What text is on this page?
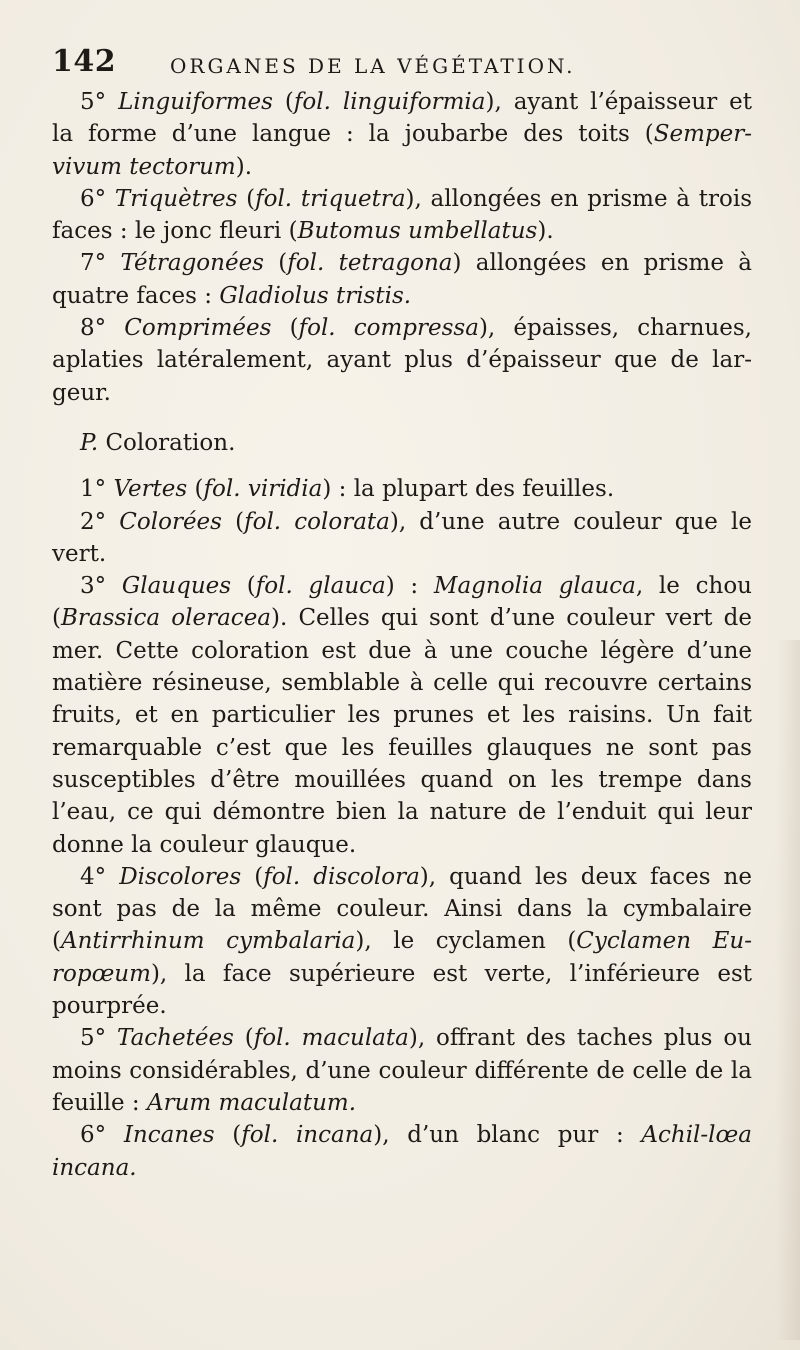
142	ORGANES DE LA VÉGÉTATION.

5° Linguiformes (fol. linguiformia), ayant l’épaisseur et la forme d’une langue : la joubarbe des toits (Semper-vivum tectorum).

6° Triquètres (fol. triquetra), allongées en prisme à trois faces : le jonc fleuri (Butomus umbellatus).

7° Tétragonées (fol. tetragona) allongées en prisme à quatre faces : Gladiolus tristis.

8° Comprimées (fol. compressa), épaisses, charnues, aplaties latéralement, ayant plus d’épaisseur que de lar-geur.

P. Coloration.

1° Vertes (fol. viridia) : la plupart des feuilles.

2° Colorées (fol. colorata), d’une autre couleur que le vert.

3° Glauques (fol. glauca) : Magnolia glauca, le chou (Brassica oleracea). Celles qui sont d’une couleur vert de mer. Cette coloration est due à une couche légère d’une matière résineuse, semblable à celle qui recouvre certains fruits, et en particulier les prunes et les raisins. Un fait remarquable c’est que les feuilles glauques ne sont pas susceptibles d’être mouillées quand on les trempe dans l’eau, ce qui démontre bien la nature de l’enduit qui leur donne la couleur glauque.

4° Discolores (fol. discolora), quand les deux faces ne sont pas de la même couleur. Ainsi dans la cymbalaire (Antirrhinum cymbalaria), le cyclamen (Cyclamen Eu-ropœum), la face supérieure est verte, l’inférieure est pourprée.

5° Tachetées (fol. maculata), offrant des taches plus ou moins considérables, d’une couleur différente de celle de la feuille : Arum maculatum.

6° Incanes (fol. incana), d’un blanc pur : Achil-lœa incana.
